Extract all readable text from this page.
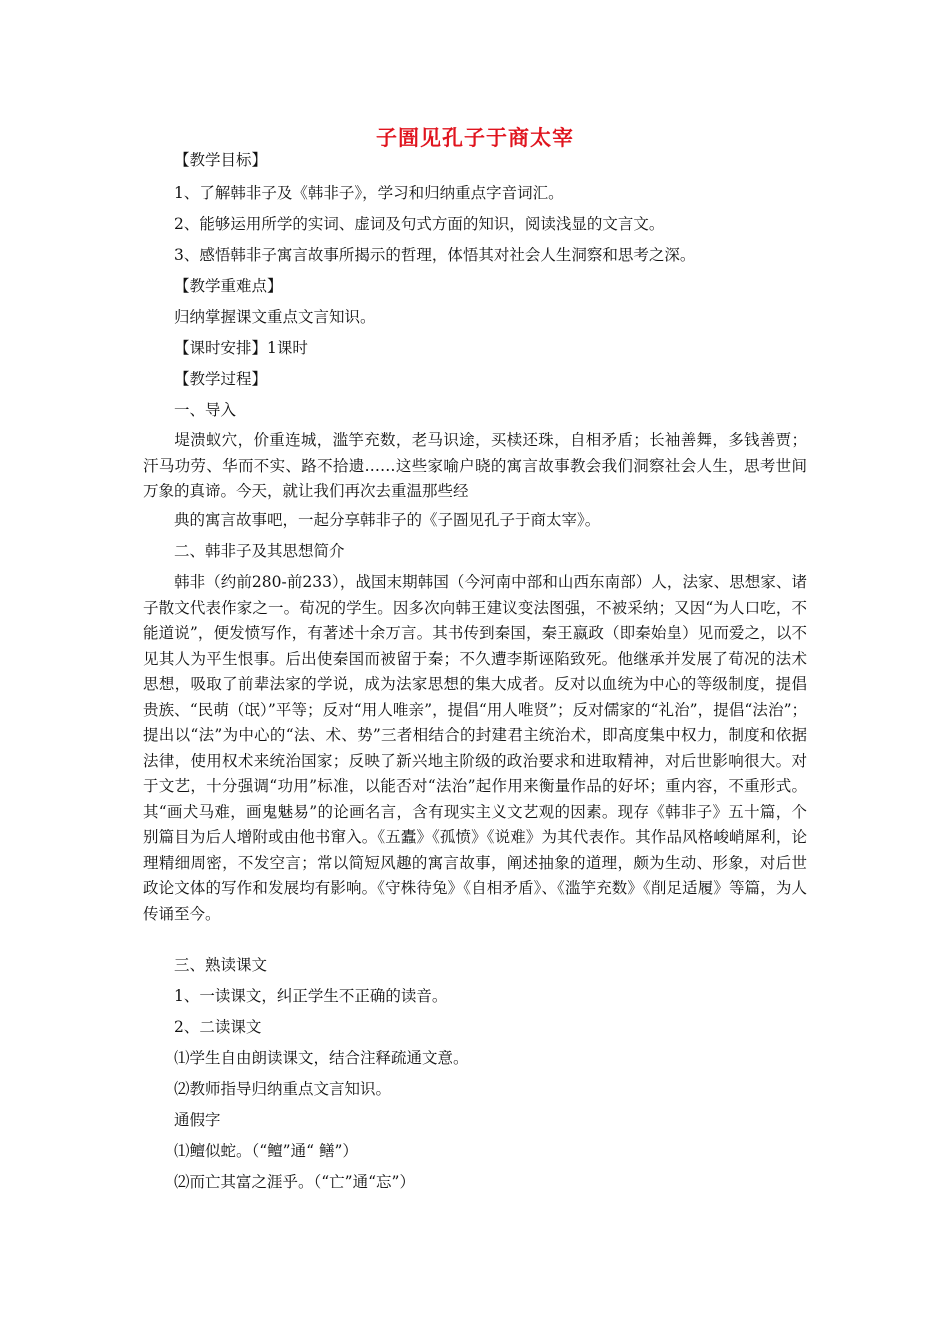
子圄见孔子于商太宰
【教学目标】
1、了解韩非子及《韩非子》，学习和归纳重点字音词汇。
2、能够运用所学的实词、虚词及句式方面的知识，阅读浅显的文言文。
3、感悟韩非子寓言故事所揭示的哲理，体悟其对社会人生洞察和思考之深。
【教学重难点】
归纳掌握课文重点文言知识。
【课时安排】1课时
【教学过程】
一、导入
堤溃蚁穴，价重连城，滥竽充数，老马识途，买椟还珠，自相矛盾；长袖善舞，多钱善贾；汗马功劳、华而不实、路不拾遗……这些家喻户晓的寓言故事教会我们洞察社会人生，思考世间万象的真谛。今天，就让我们再次去重温那些经
典的寓言故事吧，一起分享韩非子的《子圄见孔子于商太宰》。
二、韩非子及其思想简介
韩非（约前280-前233），战国末期韩国（今河南中部和山西东南部）人，法家、思想家、诸子散文代表作家之一。荀况的学生。因多次向韩王建议变法图强，不被采纳；又因“为人口吃，不能道说”，便发愤写作，有著述十余万言。其书传到秦国，秦王嬴政（即秦始皇）见而爱之，以不见其人为平生恨事。后出使秦国而被留于秦；不久遭李斯诬陷致死。他继承并发展了荀况的法术思想，吸取了前辈法家的学说，成为法家思想的集大成者。反对以血统为中心的等级制度，提倡贵族、“民萌（氓）”平等；反对“用人唯亲”，提倡“用人唯贤”；反对儒家的“礼治”，提倡“法治”；提出以“法”为中心的“法、术、势”三者相结合的封建君主统治术，即高度集中权力，制度和依据法律，使用权术来统治国家；反映了新兴地主阶级的政治要求和进取精神，对后世影响很大。对于文艺，十分强调“功用”标准，以能否对“法治”起作用来衡量作品的好坏；重内容，不重形式。其“画犬马难，画鬼魅易”的论画名言，含有现实主义文艺观的因素。现存《韩非子》五十篇，个别篇目为后人增附或由他书窜入。《五蠹》《孤愤》《说难》为其代表作。其作品风格峻峭犀利，论理精细周密，不发空言；常以简短风趣的寓言故事，阐述抽象的道理，颇为生动、形象，对后世政论文体的写作和发展均有影响。《守株待兔》《自相矛盾》、《滥竽充数》《削足适履》等篇，为人传诵至今。
三、熟读课文
1、一读课文，纠正学生不正确的读音。
2、二读课文
⑴学生自由朗读课文，结合注释疏通文意。
⑵教师指导归纳重点文言知识。
通假字
⑴鳣似蛇。（“鳣”通“ 鳝”）
⑵而亡其富之涯乎。（“亡”通“忘”）
